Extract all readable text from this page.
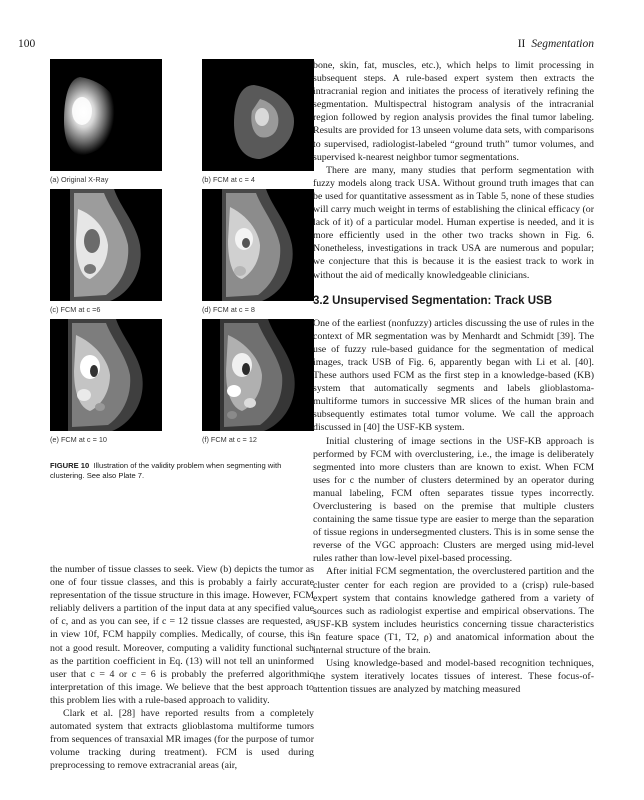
100	II Segmentation
(a) Original X-Ray	(b) FCM at c = 4
(c) FCM at c =6	(d) FCM at c = 8
(e) FCM at c = 10	(f) FCM at c = 12
FIGURE 10 Illustration of the validity problem when segmenting with clustering. See also Plate 7.

the number of tissue classes to seek. View (b) depicts the tumor as one of four tissue classes, and this is probably a fairly accurate representation of the tissue structure in this image. However, FCM reliably delivers a partition of the input data at any specified value of c, and as you can see, if c = 12 tissue classes are requested, as in view 10f, FCM happily complies. Medically, of course, this is not a good result. Moreover, computing a validity functional such as the partition coefficient in Eq. (13) will not tell an uninformed user that c = 4 or c = 6 is probably the preferred algorithmic interpretation of this image. We believe that the best approach to this problem lies with a rule-based approach to validity.

Clark et al. [28] have reported results from a completely automated system that extracts glioblastoma multiforme tumors from sequences of transaxial MR images (for the purpose of tumor volume tracking during treatment). FCM is used during preprocessing to remove extracranial areas (air,

bone, skin, fat, muscles, etc.), which helps to limit processing in subsequent steps. A rule-based expert system then extracts the intracranial region and initiates the process of iteratively refining the segmentation. Multispectral histogram analysis of the intracranial region followed by region analysis provides the final tumor labeling. Results are provided for 13 unseen volume data sets, with comparisons to supervised, radiologist-labeled “ground truth” tumor volumes, and supervised k-nearest neighbor tumor segmentations.

There are many, many studies that perform segmentation with fuzzy models along track USA. Without ground truth images that can be used for quantitative assessment as in Table 5, none of these studies will carry much weight in terms of establishing the clinical efficacy (or lack of it) of a particular model. Human expertise is needed, and it is more efficiently used in the other two tracks shown in Fig. 6. Nonetheless, investigations in track USA are numerous and popular; we conjecture that this is because it is the easiest track to work in without the aid of medically knowledgeable clinicians.

3.2 Unsupervised Segmentation: Track USB

One of the earliest (nonfuzzy) articles discussing the use of rules in the context of MR segmentation was by Menhardt and Schmidt [39]. The use of fuzzy rule-based guidance for the segmentation of medical images, track USB of Fig. 6, apparently began with Li et al. [40]. These authors used FCM as the first step in a knowledge-based (KB) system that automatically segments and labels glioblastoma-multiforme tumors in successive MR slices of the human brain and subsequently estimates total tumor volume. We call the approach discussed in [40] the USF-KB system.

Initial clustering of image sections in the USF-KB approach is performed by FCM with overclustering, i.e., the image is deliberately segmented into more clusters than are known to exist. When FCM uses for c the number of clusters determined by an operator during manual labeling, FCM often separates tissue types incorrectly. Overclustering is based on the premise that multiple clusters containing the same tissue type are easier to merge than the separation of tissue regions in undersegmented clusters. This is in some sense the reverse of the VGC approach: Clusters are merged using mid-level rules rather than low-level pixel-based processing.

After initial FCM segmentation, the overclustered partition and the cluster center for each region are provided to a (crisp) rule-based expert system that contains knowledge gathered from a variety of sources such as radiologist expertise and empirical observations. The USF-KB system includes heuristics concerning tissue characteristics in feature space (T1, T2, ρ) and anatomical information about the internal structure of the brain.

Using knowledge-based and model-based recognition techniques, the system iteratively locates tissues of interest. These focus-of-attention tissues are analyzed by matching measured
